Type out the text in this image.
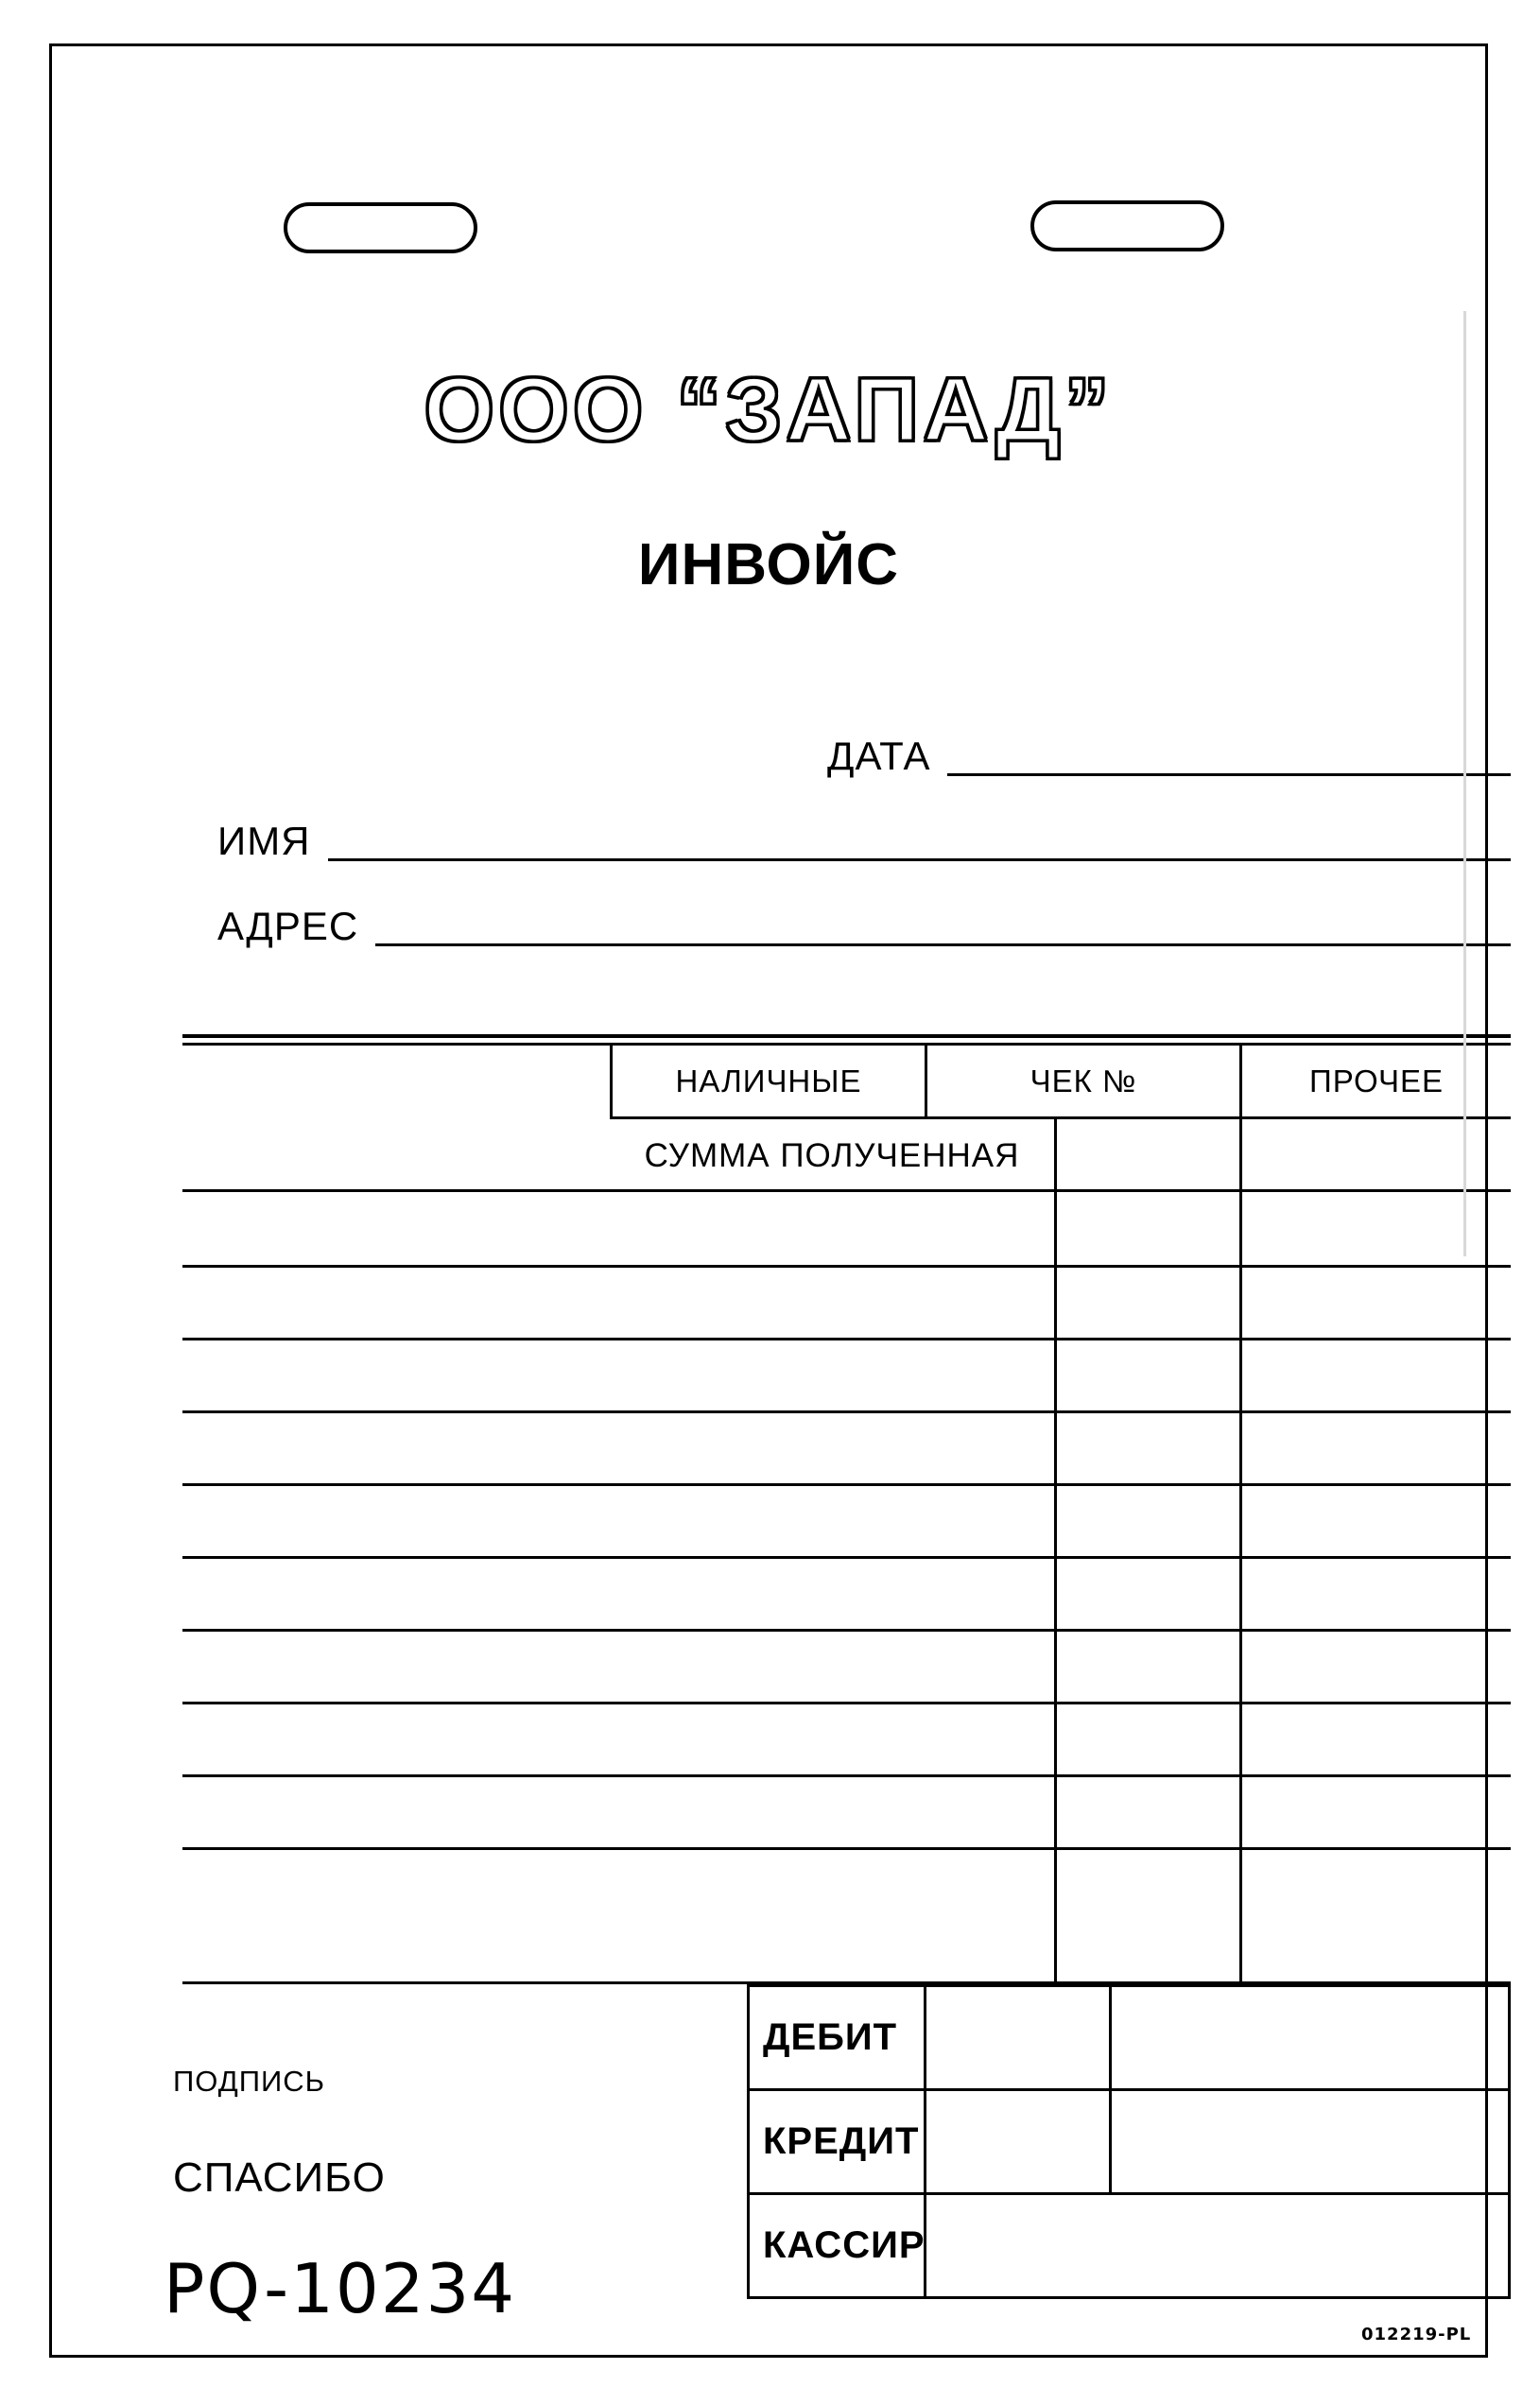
ООО “ЗАПАД”
ИНВОЙС
ДАТА
ИМЯ
АДРЕС
НАЛИЧНЫЕ	ЧЕК №	ПРОЧЕЕ
СУММА ПОЛУЧЕННАЯ
ДЕБИТ
КРЕДИТ
КАССИР
ПОДПИСЬ
СПАСИБО
PQ-10234
012219-PL
